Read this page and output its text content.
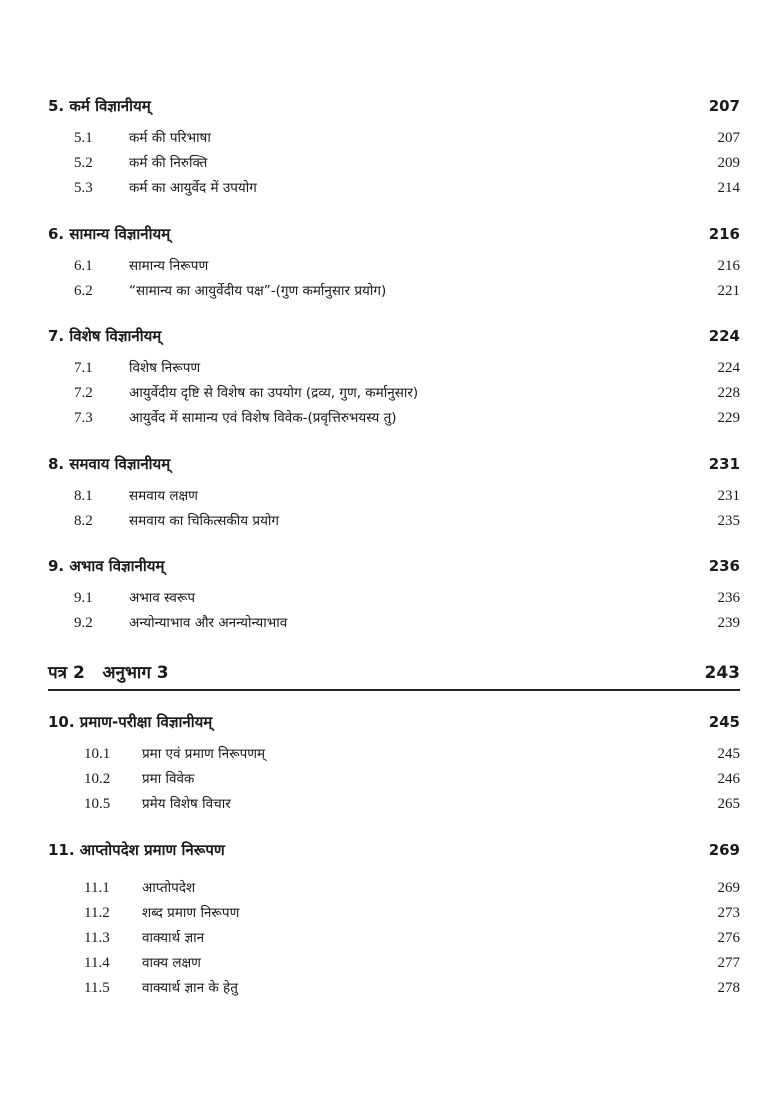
5. कर्म विज्ञानीयम्	207
5.1	कर्म की परिभाषा	207
5.2	कर्म की निरुक्ति	209
5.3	कर्म का आयुर्वेद में उपयोग	214
6. सामान्य विज्ञानीयम्	216
6.1	सामान्य निरूपण	216
6.2	“सामान्य का आयुर्वेदीय पक्ष”-(गुण कर्मानुसार प्रयोग)	221
7. विशेष विज्ञानीयम्	224
7.1	विशेष निरूपण	224
7.2	आयुर्वेदीय दृष्टि से विशेष का उपयोग (द्रव्य, गुण, कर्मानुसार)	228
7.3	आयुर्वेद में सामान्य एवं विशेष विवेक-(प्रवृत्तिरुभयस्य तु)	229
8. समवाय विज्ञानीयम्	231
8.1	समवाय लक्षण	231
8.2	समवाय का चिकित्सकीय प्रयोग	235
9. अभाव विज्ञानीयम्	236
9.1	अभाव स्वरूप	236
9.2	अन्योन्याभाव और अनन्योन्याभाव	239
पत्र 2   अनुभाग 3	243
10. प्रमाण-परीक्षा विज्ञानीयम्	245
10.1	प्रमा एवं प्रमाण निरूपणम्	245
10.2	प्रमा विवेक	246
10.5	प्रमेय विशेष विचार	265
11. आप्तोपदेश प्रमाण निरूपण	269
11.1	आप्तोपदेश	269
11.2	शब्द प्रमाण निरूपण	273
11.3	वाक्यार्थ ज्ञान	276
11.4	वाक्य लक्षण	277
11.5	वाक्यार्थ ज्ञान के हेतु	278
